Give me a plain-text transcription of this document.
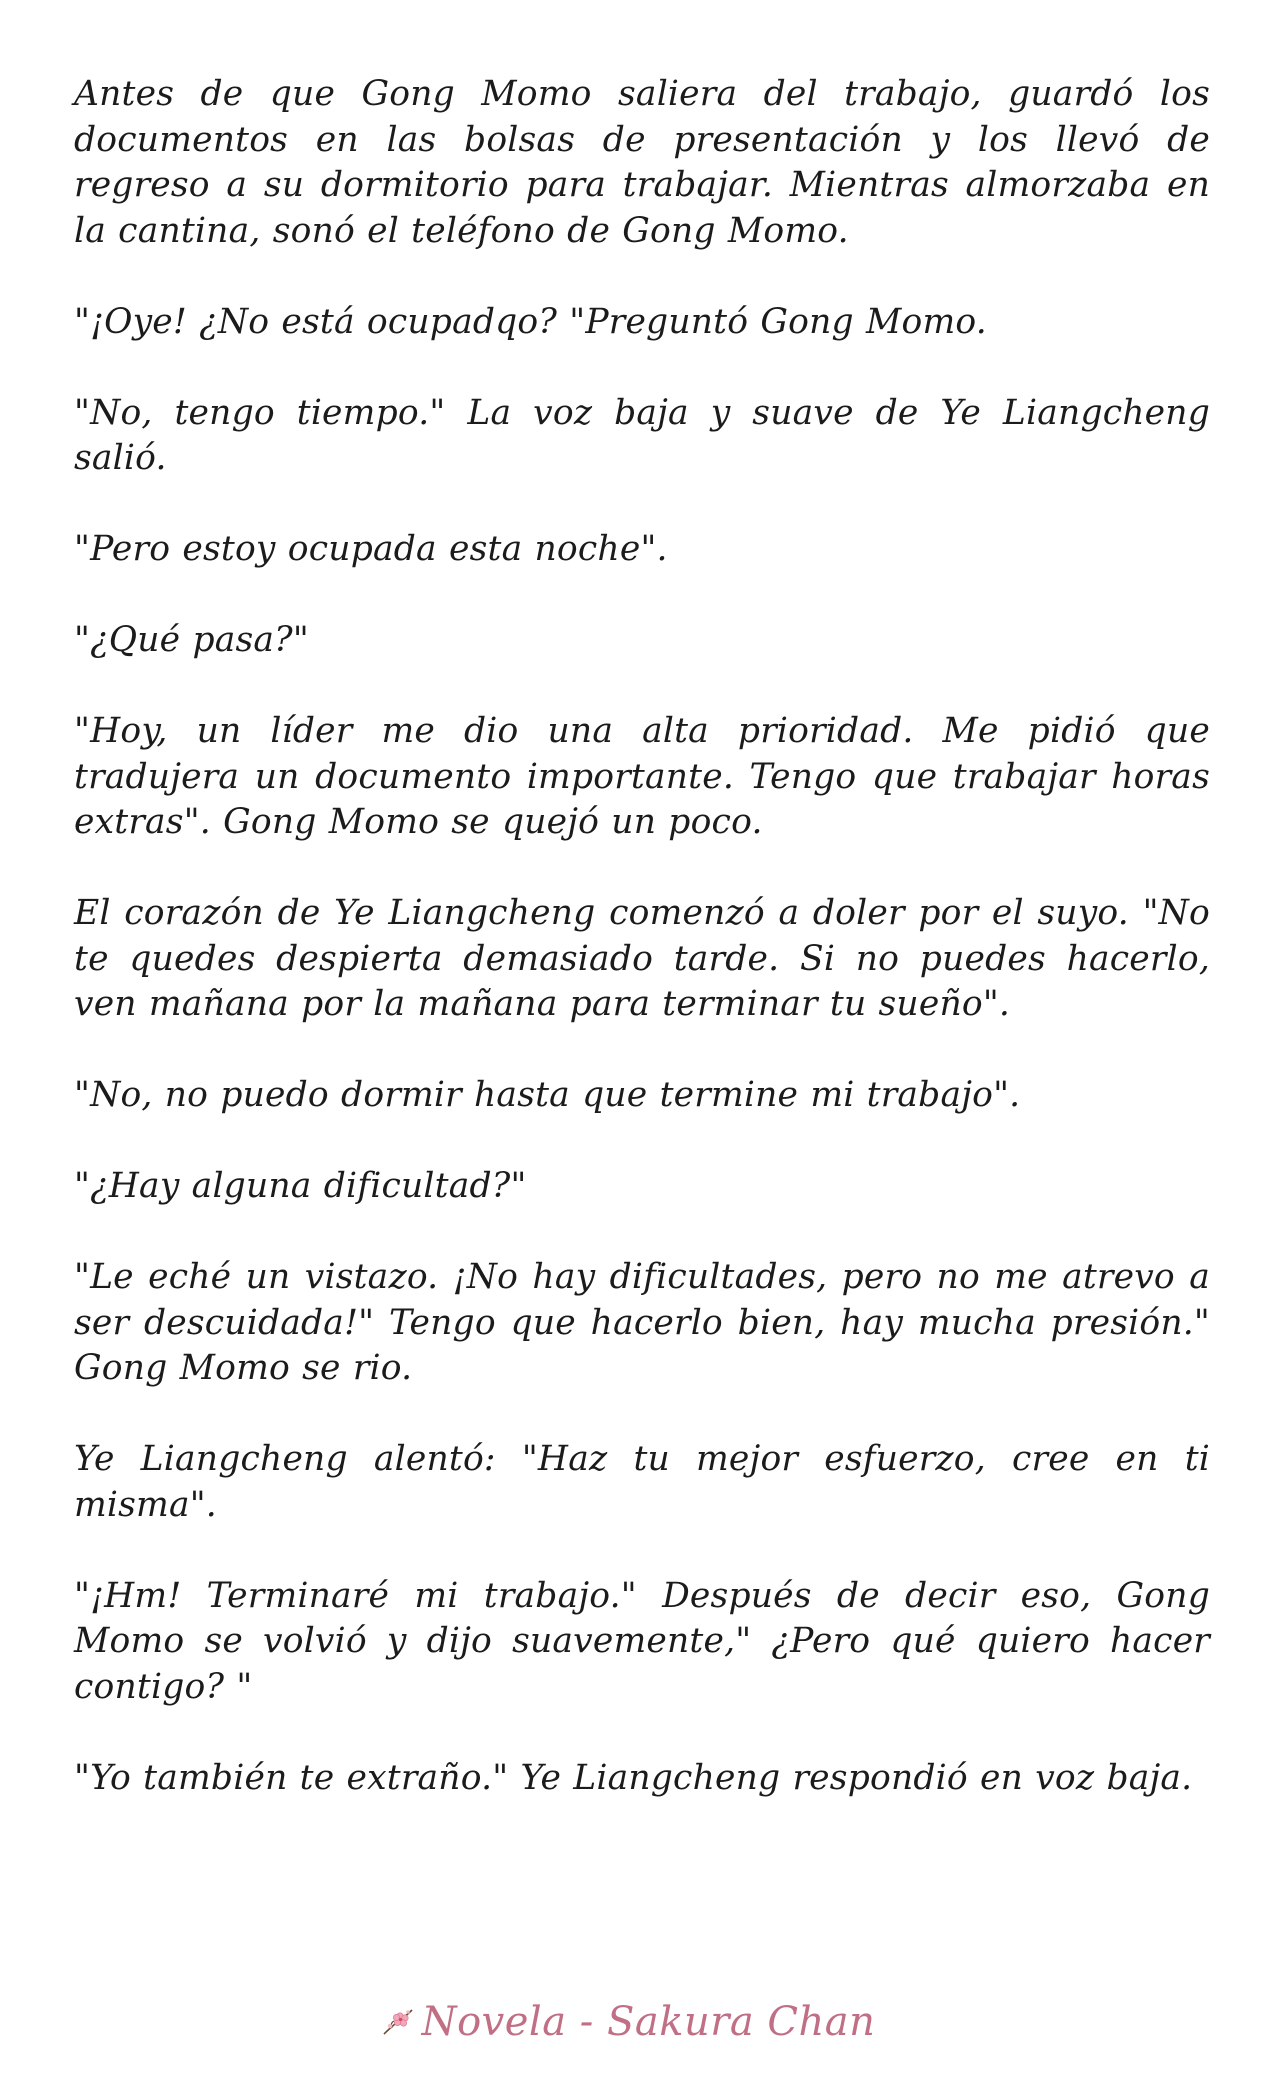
Antes de que Gong Momo saliera del trabajo, guardó los documentos en las bolsas de presentación y los llevó de regreso a su dormitorio para trabajar. Mientras almorzaba en la cantina, sonó el teléfono de Gong Momo.

"¡Oye! ¿No está ocupadqo? "Preguntó Gong Momo.

"No, tengo tiempo." La voz baja y suave de Ye Liangcheng salió.

"Pero estoy ocupada esta noche".

"¿Qué pasa?"

"Hoy, un líder me dio una alta prioridad. Me pidió que tradujera un documento importante. Tengo que trabajar horas extras". Gong Momo se quejó un poco.

El corazón de Ye Liangcheng comenzó a doler por el suyo. "No te quedes despierta demasiado tarde. Si no puedes hacerlo, ven mañana por la mañana para terminar tu sueño".

"No, no puedo dormir hasta que termine mi trabajo".

"¿Hay alguna dificultad?"

"Le eché un vistazo. ¡No hay dificultades, pero no me atrevo a ser descuidada!" Tengo que hacerlo bien, hay mucha presión." Gong Momo se rio.

Ye Liangcheng alentó: "Haz tu mejor esfuerzo, cree en ti misma".

"¡Hm! Terminaré mi trabajo." Después de decir eso, Gong Momo se volvió y dijo suavemente," ¿Pero qué quiero hacer contigo? "

"Yo también te extraño." Ye Liangcheng respondió en voz baja.

Novela - Sakura Chan
